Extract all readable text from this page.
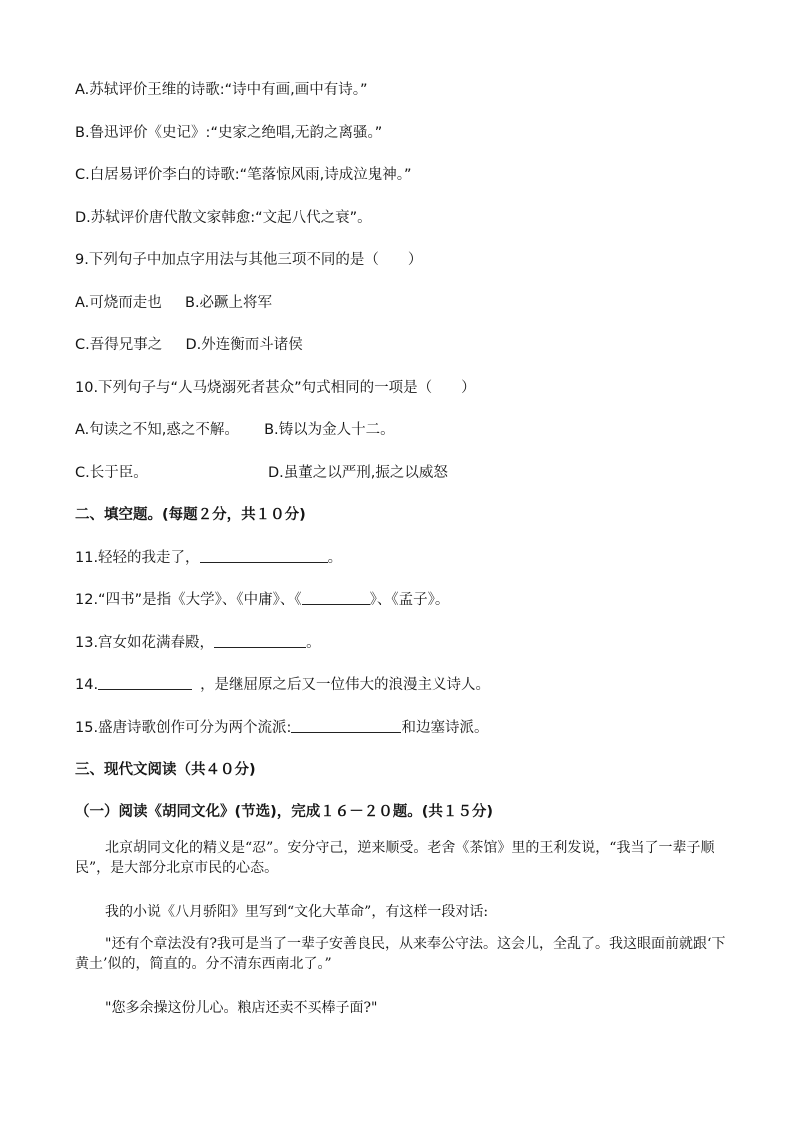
A.苏轼评价王维的诗歌:“诗中有画,画中有诗。”
B.鲁迅评价《史记》:“史家之绝唱,无韵之离骚。”
C.白居易评价李白的诗歌:“笔落惊风雨,诗成泣鬼神。”
D.苏轼评价唐代散文家韩愈:“文起八代之衰”。
9.下列句子中加点字用法与其他三项不同的是（　　）
A.可烧而走也 B.必蹶上将军
C.吾得兄事之 D.外连衡而斗诸侯
10.下列句子与“人马烧溺死者甚众”句式相同的一项是（　　）
A.句读之不知,惑之不解。 B.铸以为金人十二。
C.长于臣。	D.虽董之以严刑,振之以威怒
二、填空题。(每题２分，共１０分)
11.轻轻的我走了，	。
12.“四书”是指《大学》、《中庸》、《	》、《孟子》。
13.宫女如花满春殿，	。
14.	，是继屈原之后又一位伟大的浪漫主义诗人。
15.盛唐诗歌创作可分为两个流派:	和边塞诗派。
三、现代文阅读（共４０分)
（一）阅读《胡同文化》(节选)，完成１６－２０题。(共１５分)
北京胡同文化的精义是“忍”。安分守己，逆来顺受。老舍《茶馆》里的王利发说，“我当了一辈子顺民”，是大部分北京市民的心态。
我的小说《八月骄阳》里写到“文化大革命”，有这样一段对话:
"还有个章法没有?我可是当了一辈子安善良民，从来奉公守法。这会儿，全乱了。我这眼面前就跟‘下黄土’似的，简直的。分不清东西南北了。”
"您多余操这份儿心。粮店还卖不买棒子面?"
